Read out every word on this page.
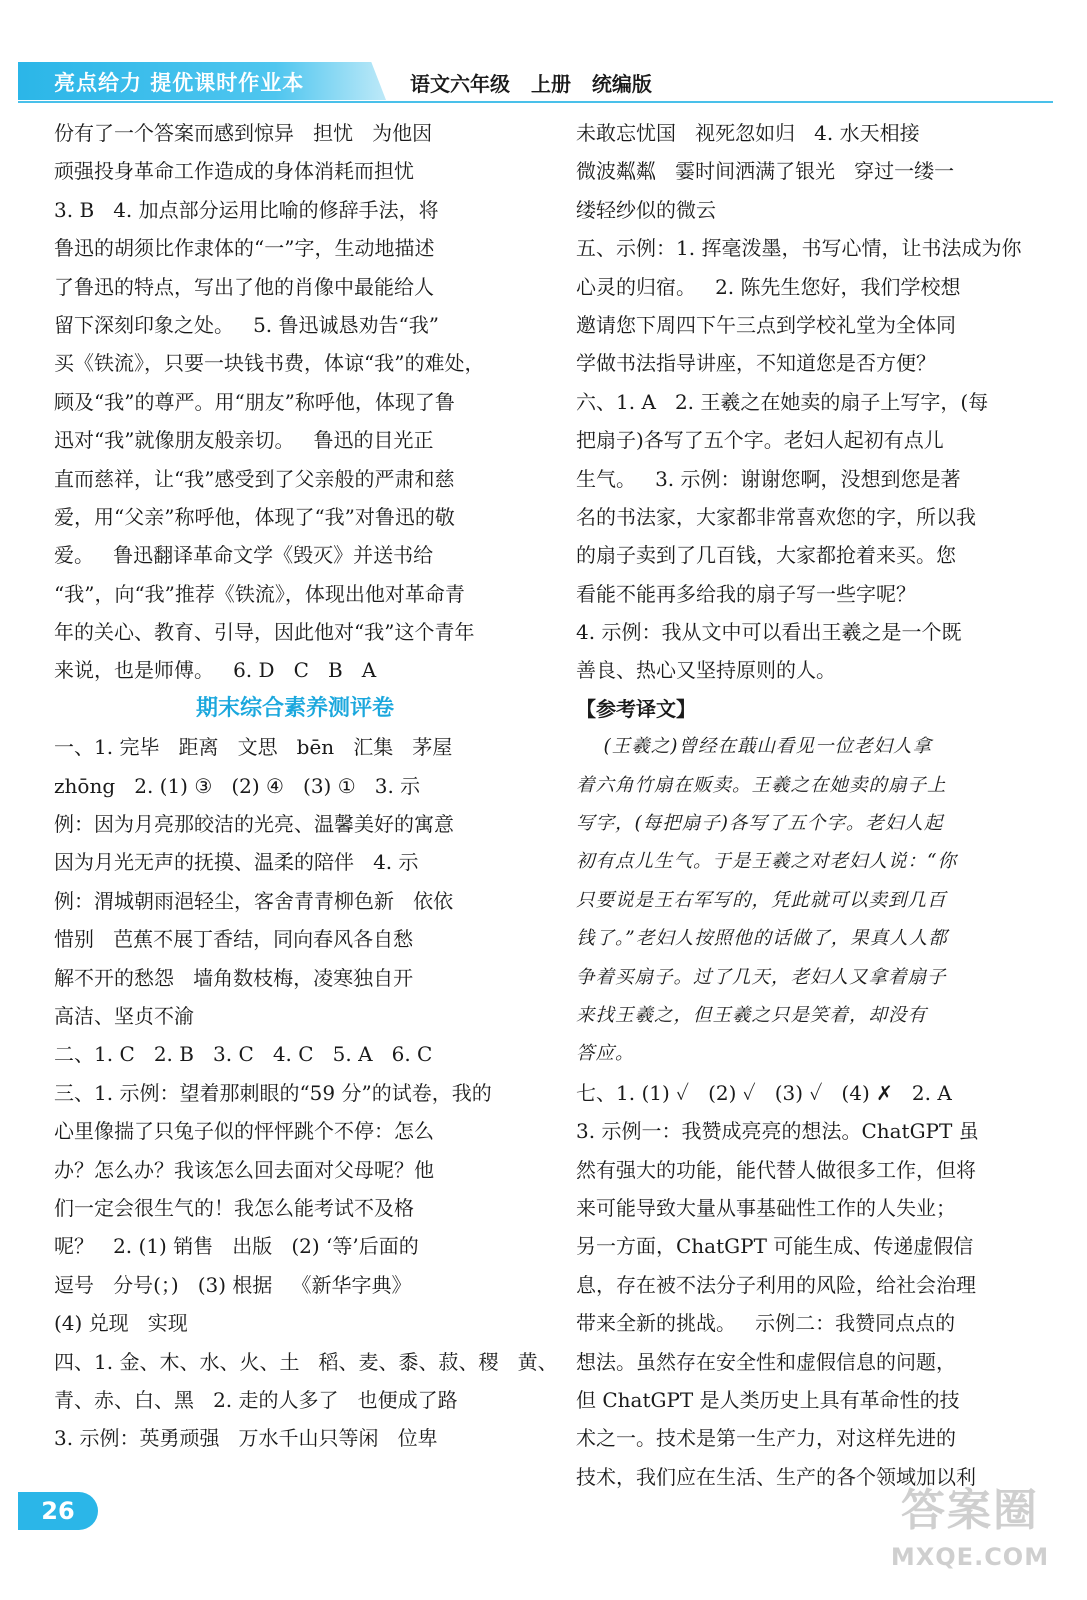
亮点给力 提优课时作业本	语文六年级 上册 统编版
份有了一个答案而感到惊异   担忧   为他因
顽强投身革命工作造成的身体消耗而担忧
3. B   4. 加点部分运用比喻的修辞手法，将
鲁迅的胡须比作隶体的“一”字，生动地描述
了鲁迅的特点，写出了他的肖像中最能给人
留下深刻印象之处。   5. 鲁迅诚恳劝告“我”
买《铁流》，只要一块钱书费，体谅“我”的难处，
顾及“我”的尊严。用“朋友”称呼他，体现了鲁
迅对“我”就像朋友般亲切。   鲁迅的目光正
直而慈祥，让“我”感受到了父亲般的严肃和慈
爱，用“父亲”称呼他，体现了“我”对鲁迅的敬
爱。   鲁迅翻译革命文学《毁灭》并送书给
“我”，向“我”推荐《铁流》，体现出他对革命青
年的关心、教育、引导，因此他对“我”这个青年
来说，也是师傅。   6. D   C   B   A
期末综合素养测评卷
一、1. 完毕   距离   文思   bēn   汇集   茅屋
zhōng   2. (1) ③   (2) ④   (3) ①   3. 示
例：因为月亮那皎洁的光亮、温馨美好的寓意
因为月光无声的抚摸、温柔的陪伴   4. 示
例：渭城朝雨浥轻尘，客舍青青柳色新   依依
惜别   芭蕉不展丁香结，同向春风各自愁
解不开的愁怨   墙角数枝梅，凌寒独自开
高洁、坚贞不渝
二、1. C   2. B   3. C   4. C   5. A   6. C
三、1. 示例：望着那刺眼的“59 分”的试卷，我的
心里像揣了只兔子似的怦怦跳个不停：怎么
办？怎么办？我该怎么回去面对父母呢？他
们一定会很生气的！我怎么能考试不及格
呢？   2. (1) 销售   出版   (2) ‘等’后面的
逗号   分号(；)   (3) 根据   《新华字典》
(4) 兑现   实现
四、1. 金、木、水、火、土   稻、麦、黍、菽、稷   黄、
青、赤、白、黑   2. 走的人多了   也便成了路
3. 示例：英勇顽强   万水千山只等闲   位卑
未敢忘忧国   视死忽如归   4. 水天相接
微波粼粼   霎时间洒满了银光   穿过一缕一
缕轻纱似的微云
五、示例：1. 挥毫泼墨，书写心情，让书法成为你
心灵的归宿。   2. 陈先生您好，我们学校想
邀请您下周四下午三点到学校礼堂为全体同
学做书法指导讲座，不知道您是否方便？
六、1. A   2. 王羲之在她卖的扇子上写字，(每
把扇子)各写了五个字。老妇人起初有点儿
生气。   3. 示例：谢谢您啊，没想到您是著
名的书法家，大家都非常喜欢您的字，所以我
的扇子卖到了几百钱，大家都抢着来买。您
看能不能再多给我的扇子写一些字呢？
4. 示例：我从文中可以看出王羲之是一个既
善良、热心又坚持原则的人。
【参考译文】
(王羲之)曾经在蕺山看见一位老妇人拿
着六角竹扇在贩卖。王羲之在她卖的扇子上
写字，(每把扇子)各写了五个字。老妇人起
初有点儿生气。于是王羲之对老妇人说：“你
只要说是王右军写的，凭此就可以卖到几百
钱了。”老妇人按照他的话做了，果真人人都
争着买扇子。过了几天，老妇人又拿着扇子
来找王羲之，但王羲之只是笑着，却没有
答应。
七、1. (1) ✓   (2) ✓   (3) ✓   (4) ✗   2. A
3. 示例一：我赞成亮亮的想法。ChatGPT 虽
然有强大的功能，能代替人做很多工作，但将
来可能导致大量从事基础性工作的人失业；
另一方面，ChatGPT 可能生成、传递虚假信
息，存在被不法分子利用的风险，给社会治理
带来全新的挑战。   示例二：我赞同点点的
想法。虽然存在安全性和虚假信息的问题，
但 ChatGPT 是人类历史上具有革命性的技
术之一。技术是第一生产力，对这样先进的
技术，我们应在生活、生产的各个领域加以利
26	答案圈
MXQE.COM
